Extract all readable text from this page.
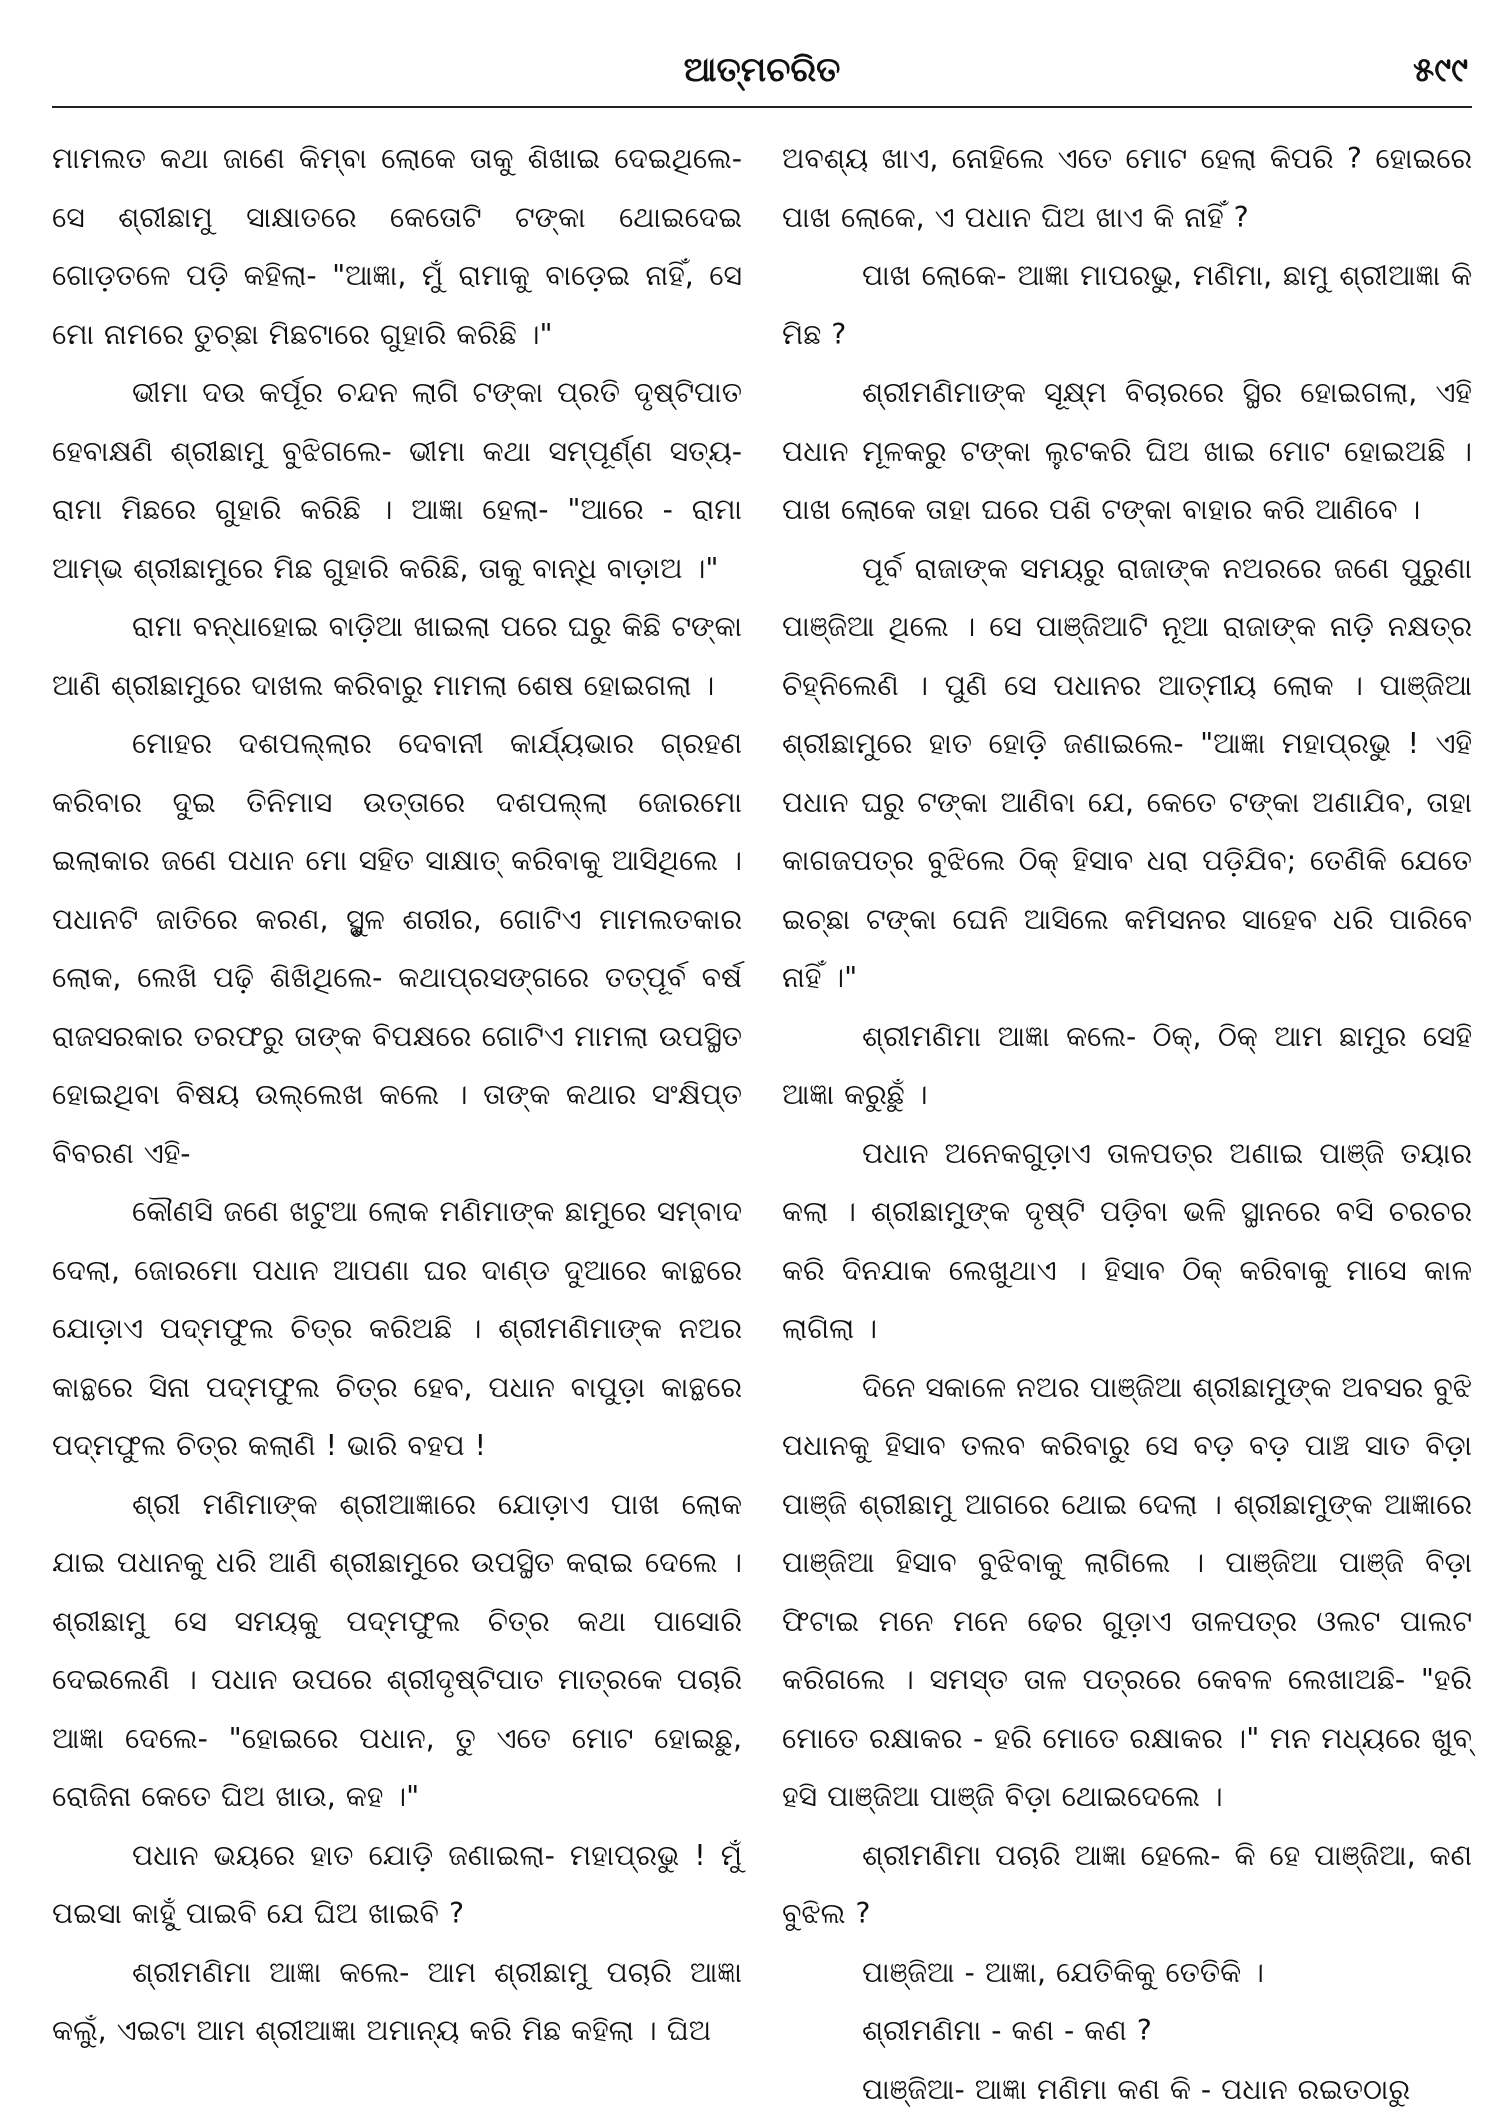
ଆତ୍ମଚରିତ	୫୯୯

ମାମଲତ କଥା ଜାଣେ କିମ୍ବା ଲୋକେ ତାକୁ ଶିଖାଇ ଦେଇଥିଲେ- ସେ ଶ୍ରୀଛାମୁ ସାକ୍ଷାତରେ କେତୋଟି ଟଙ୍କା ଥୋଇଦେଇ ଗୋଡ଼ତଳେ ପଡ଼ି କହିଲା- "ଆଜ୍ଞା, ମୁଁ ରାମାକୁ ବାଡ଼େଇ ନାହିଁ, ସେ ମୋ ନାମରେ ତୁଚ୍ଛା ମିଛଟାରେ ଗୁହାରି କରିଛି ।"

ଭୀମା ଦଉ କର୍ପୂର ଚନ୍ଦନ ଲାଗି ଟଙ୍କା ପ୍ରତି ଦୃଷ୍ଟିପାତ ହେବାକ୍ଷଣି ଶ୍ରୀଛାମୁ ବୁଝିଗଲେ- ଭୀମା କଥା ସମ୍ପୂର୍ଣ୍ଣ ସତ୍ୟ- ରାମା ମିଛରେ ଗୁହାରି କରିଛି । ଆଜ୍ଞା ହେଲା- "ଆରେ - ରାମା ଆମ୍ଭ ଶ୍ରୀଛାମୁରେ ମିଛ ଗୁହାରି କରିଛି, ତାକୁ ବାନ୍ଧି ବାଡ଼ାଅ ।"

ରାମା ବନ୍ଧାହୋଇ ବାଡ଼ିଆ ଖାଇଲା ପରେ ଘରୁ କିଛି ଟଙ୍କା ଆଣି ଶ୍ରୀଛାମୁରେ ଦାଖଲ କରିବାରୁ ମାମଲା ଶେଷ ହୋଇଗଲା ।

ମୋହର ଦଶପଲ୍ଲାର ଦେବାନୀ କାର୍ଯ୍ୟଭାର ଗ୍ରହଣ କରିବାର ଦୁଇ ତିନିମାସ ଉତ୍ତାରେ ଦଶପଲ୍ଲା ଜୋରମୋ ଇଲାକାର ଜଣେ ପଧାନ ମୋ ସହିତ ସାକ୍ଷାତ୍ କରିବାକୁ ଆସିଥିଲେ । ପଧାନଟି ଜାତିରେ କରଣ, ସ୍ଥୁଳ ଶରୀର, ଗୋଟିଏ ମାମଲତକାର ଲୋକ, ଲେଖି ପଢ଼ି ଶିଖିଥିଲେ- କଥାପ୍ରସଙ୍ଗରେ ତତ୍ପୂର୍ବ ବର୍ଷ ରାଜସରକାର ତରଫରୁ ତାଙ୍କ ବିପକ୍ଷରେ ଗୋଟିଏ ମାମଲା ଉପସ୍ଥିତ ହୋଇଥିବା ବିଷୟ ଉଲ୍ଲେଖ କଲେ । ତାଙ୍କ କଥାର ସଂକ୍ଷିପ୍ତ ବିବରଣ ଏହି-

କୌଣସି ଜଣେ ଖଟୁଆ ଲୋକ ମଣିମାଙ୍କ ଛାମୁରେ ସମ୍ବାଦ ଦେଲା, ଜୋରମୋ ପଧାନ ଆପଣା ଘର ଦାଣ୍ଡ ଦୁଆରେ କାନ୍ଥରେ ଯୋଡ଼ାଏ ପଦ୍ମଫୁଲ ଚିତ୍ର କରିଅଛି । ଶ୍ରୀମଣିମାଙ୍କ ନଅର କାନ୍ଥରେ ସିନା ପଦ୍ମଫୁଲ ଚିତ୍ର ହେବ, ପଧାନ ବାପୁଡ଼ା କାନ୍ଥରେ ପଦ୍ମଫୁଲ ଚିତ୍ର କଲାଣି ! ଭାରି ବହପ !

ଶ୍ରୀ ମଣିମାଙ୍କ ଶ୍ରୀଆଜ୍ଞାରେ ଯୋଡ଼ାଏ ପାଖ ଲୋକ ଯାଇ ପଧାନକୁ ଧରି ଆଣି ଶ୍ରୀଛାମୁରେ ଉପସ୍ଥିତ କରାଇ ଦେଲେ । ଶ୍ରୀଛାମୁ ସେ ସମୟକୁ ପଦ୍ମଫୁଲ ଚିତ୍ର କଥା ପାସୋରି ଦେଇଲେଣି । ପଧାନ ଉପରେ ଶ୍ରୀଦୃଷ୍ଟିପାତ ମାତ୍ରକେ ପଚାରି ଆଜ୍ଞା ଦେଲେ- "ହୋଇରେ ପଧାନ, ତୁ ଏତେ ମୋଟ ହୋଇଛୁ, ରୋଜିନା କେତେ ଘିଅ ଖାଉ, କହ ।"

ପଧାନ ଭୟରେ ହାତ ଯୋଡ଼ି ଜଣାଇଲା- ମହାପ୍ରଭୁ ! ମୁଁ ପଇସା କାହୁଁ ପାଇବି ଯେ ଘିଅ ଖାଇବି ?

ଶ୍ରୀମଣିମା ଆଜ୍ଞା କଲେ- ଆମ ଶ୍ରୀଛାମୁ ପଚାରି ଆଜ୍ଞା କଲୁଁ, ଏଇଟା ଆମ ଶ୍ରୀଆଜ୍ଞା ଅମାନ୍ୟ କରି ମିଛ କହିଲା । ଘିଅ

ଅବଶ୍ୟ ଖାଏ, ନୋହିଲେ ଏତେ ମୋଟ ହେଲା କିପରି ? ହୋଇରେ ପାଖ ଲୋକେ, ଏ ପଧାନ ଘିଅ ଖାଏ କି ନାହିଁ ?

ପାଖ ଲୋକେ- ଆଜ୍ଞା ମାପରଭୁ, ମଣିମା, ଛାମୁ ଶ୍ରୀଆଜ୍ଞା କି ମିଛ ?

ଶ୍ରୀମଣିମାଙ୍କ ସୂକ୍ଷ୍ମ ବିଚାରରେ ସ୍ଥିର ହୋଇଗଲା, ଏହି ପଧାନ ମୂଳକରୁ ଟଙ୍କା ଲୁଟକରି ଘିଅ ଖାଇ ମୋଟ ହୋଇଅଛି । ପାଖ ଲୋକେ ତାହା ଘରେ ପଶି ଟଙ୍କା ବାହାର କରି ଆଣିବେ ।

ପୂର୍ବ ରାଜାଙ୍କ ସମୟରୁ ରାଜାଙ୍କ ନଅରରେ ଜଣେ ପୁରୁଣା ପାଞ୍ଜିଆ ଥିଲେ । ସେ ପାଞ୍ଜିଆଟି ନୂଆ ରାଜାଙ୍କ ନାଡ଼ି ନକ୍ଷତ୍ର ଚିହ୍ନିଲେଣି । ପୁଣି ସେ ପଧାନର ଆତ୍ମୀୟ ଲୋକ । ପାଞ୍ଜିଆ ଶ୍ରୀଛାମୁରେ ହାତ ହୋଡ଼ି ଜଣାଇଲେ- "ଆଜ୍ଞା ମହାପ୍ରଭୁ ! ଏହି ପଧାନ ଘରୁ ଟଙ୍କା ଆଣିବା ଯେ, କେତେ ଟଙ୍କା ଅଣାଯିବ, ତାହା କାଗଜପତ୍ର ବୁଝିଲେ ଠିକ୍ ହିସାବ ଧରା ପଡ଼ିଯିବ; ତେଣିକି ଯେତେ ଇଚ୍ଛା ଟଙ୍କା ଘେନି ଆସିଲେ କମିସନର ସାହେବ ଧରି ପାରିବେ ନାହିଁ ।"

ଶ୍ରୀମଣିମା ଆଜ୍ଞା କଲେ- ଠିକ୍, ଠିକ୍ ଆମ ଛାମୁର ସେହି ଆଜ୍ଞା କରୁଛୁଁ ।

ପଧାନ ଅନେକଗୁଡ଼ାଏ ତାଳପତ୍ର ଅଣାଇ ପାଞ୍ଜି ତୟାର କଲା । ଶ୍ରୀଛାମୁଙ୍କ ଦୃଷ୍ଟି ପଡ଼ିବା ଭଳି ସ୍ଥାନରେ ବସି ଚରଚର କରି ଦିନଯାକ ଲେଖୁଥାଏ । ହିସାବ ଠିକ୍ କରିବାକୁ ମାସେ କାଳ ଲାଗିଲା ।

ଦିନେ ସକାଳେ ନଅର ପାଞ୍ଜିଆ ଶ୍ରୀଛାମୁଙ୍କ ଅବସର ବୁଝି ପଧାନକୁ ହିସାବ ତଲବ କରିବାରୁ ସେ ବଡ଼ ବଡ଼ ପାଞ୍ଚ ସାତ ବିଡ଼ା ପାଞ୍ଜି ଶ୍ରୀଛାମୁ ଆଗରେ ଥୋଇ ଦେଲା । ଶ୍ରୀଛାମୁଙ୍କ ଆଜ୍ଞାରେ ପାଞ୍ଜିଆ ହିସାବ ବୁଝିବାକୁ ଲାଗିଲେ । ପାଞ୍ଜିଆ ପାଞ୍ଜି ବିଡ଼ା ଫିଟାଇ ମନେ ମନେ ଢେର ଗୁଡ଼ାଏ ତାଳପତ୍ର ଓଲଟ ପାଲଟ କରିଗଲେ । ସମସ୍ତ ତାଳ ପତ୍ରରେ କେବଳ ଲେଖାଅଛି- "ହରି ମୋତେ ରକ୍ଷାକର - ହରି ମୋତେ ରକ୍ଷାକର ।" ମନ ମଧ୍ୟରେ ଖୁବ୍ ହସି ପାଞ୍ଜିଆ ପାଞ୍ଜି ବିଡ଼ା ଥୋଇଦେଲେ ।

ଶ୍ରୀମଣିମା ପଚାରି ଆଜ୍ଞା ହେଲେ- କି ହେ ପାଞ୍ଜିଆ, କଣ ବୁଝିଲ ?

ପାଞ୍ଜିଆ - ଆଜ୍ଞା, ଯେତିକିକୁ ତେତିକି ।

ଶ୍ରୀମଣିମା - କଣ - କଣ ?

ପାଞ୍ଜିଆ- ଆଜ୍ଞା ମଣିମା କଣ କି - ପଧାନ ରଇତଠାରୁ
